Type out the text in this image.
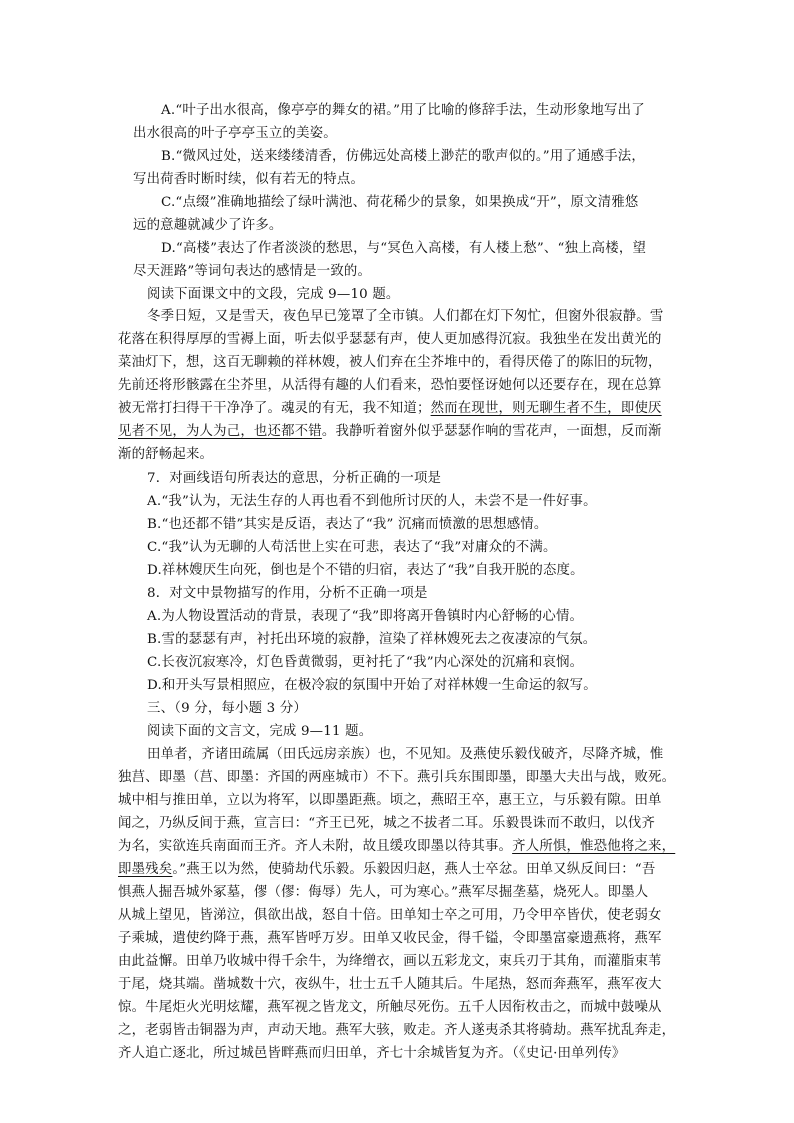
A.“叶子出水很高，像亭亭的舞女的裙。”用了比喻的修辞手法，生动形象地写出了
出水很高的叶子亭亭玉立的美姿。
B.“微风过处，送来缕缕清香，仿佛远处高楼上渺茫的歌声似的。”用了通感手法，
写出荷香时断时续，似有若无的特点。
C.“点缀”准确地描绘了绿叶满池、荷花稀少的景象，如果换成“开”，原文清雅悠
远的意趣就减少了许多。
D.“高楼”表达了作者淡淡的愁思，与“冥色入高楼，有人楼上愁”、“独上高楼，望
尽天涯路”等词句表达的感情是一致的。
阅读下面课文中的文段，完成 9—10 题。
冬季日短，又是雪天，夜色早已笼罩了全市镇。人们都在灯下匆忙，但窗外很寂静。雪
花落在积得厚厚的雪褥上面，听去似乎瑟瑟有声，使人更加感得沉寂。我独坐在发出黄光的
菜油灯下，想，这百无聊赖的祥林嫂，被人们弃在尘芥堆中的，看得厌倦了的陈旧的玩物，
先前还将形骸露在尘芥里，从活得有趣的人们看来，恐怕要怪讶她何以还要存在，现在总算
被无常打扫得干干净净了。魂灵的有无，我不知道；然而在现世，则无聊生者不生，即使厌
见者不见，为人为己，也还都不错。我静听着窗外似乎瑟瑟作响的雪花声，一面想，反而渐
渐的舒畅起来。
7．对画线语句所表达的意思，分析正确的一项是
A.“我”认为，无法生存的人再也看不到他所讨厌的人，未尝不是一件好事。
B.“也还都不错”其实是反语，表达了“我” 沉痛而愤激的思想感情。
C.“我”认为无聊的人苟活世上实在可悲，表达了“我”对庸众的不满。
D.祥林嫂厌生向死，倒也是个不错的归宿，表达了“我”自我开脱的态度。
8．对文中景物描写的作用，分析不正确一项是
A.为人物设置活动的背景，表现了“我”即将离开鲁镇时内心舒畅的心情。
B.雪的瑟瑟有声，衬托出环境的寂静，渲染了祥林嫂死去之夜凄凉的气氛。
C.长夜沉寂寒冷，灯色昏黄微弱，更衬托了“我”内心深处的沉痛和哀悯。
D.和开头写景相照应，在极冷寂的氛围中开始了对祥林嫂一生命运的叙写。
三、（9 分，每小题 3 分）
阅读下面的文言文，完成 9—11 题。
田单者，齐诸田疏属（田氏远房亲族）也，不见知。及燕使乐毅伐破齐，尽降齐城，惟
独莒、即墨（莒、即墨：齐国的两座城市）不下。燕引兵东围即墨，即墨大夫出与战，败死。
城中相与推田单，立以为将军，以即墨距燕。顷之，燕昭王卒，惠王立，与乐毅有隙。田单
闻之，乃纵反间于燕，宣言曰：“齐王已死，城之不拔者二耳。乐毅畏诛而不敢归，以伐齐
为名，实欲连兵南面而王齐。齐人未附，故且缓攻即墨以待其事。齐人所惧，惟恐他将之来，
即墨残矣。”燕王以为然，使骑劫代乐毅。乐毅因归赵，燕人士卒忿。田单又纵反间曰：“吾
惧燕人掘吾城外冢墓，僇（僇：侮辱）先人，可为寒心。”燕军尽掘垄墓，烧死人。即墨人
从城上望见，皆涕泣，俱欲出战，怒自十倍。田单知士卒之可用，乃令甲卒皆伏，使老弱女
子乘城，遣使约降于燕，燕军皆呼万岁。田单又收民金，得千镒，令即墨富豪遗燕将，燕军
由此益懈。田单乃收城中得千余牛，为绛缯衣，画以五彩龙文，束兵刃于其角，而灌脂束苇
于尾，烧其端。凿城数十穴，夜纵牛，壮士五千人随其后。牛尾热，怒而奔燕军，燕军夜大
惊。牛尾炬火光明炫耀，燕军视之皆龙文，所触尽死伤。五千人因衔枚击之，而城中鼓噪从
之，老弱皆击铜器为声，声动天地。燕军大骇，败走。齐人遂夷杀其将骑劫。燕军扰乱奔走，
齐人追亡逐北，所过城邑皆畔燕而归田单，齐七十余城皆复为齐。（《史记·田单列传》
